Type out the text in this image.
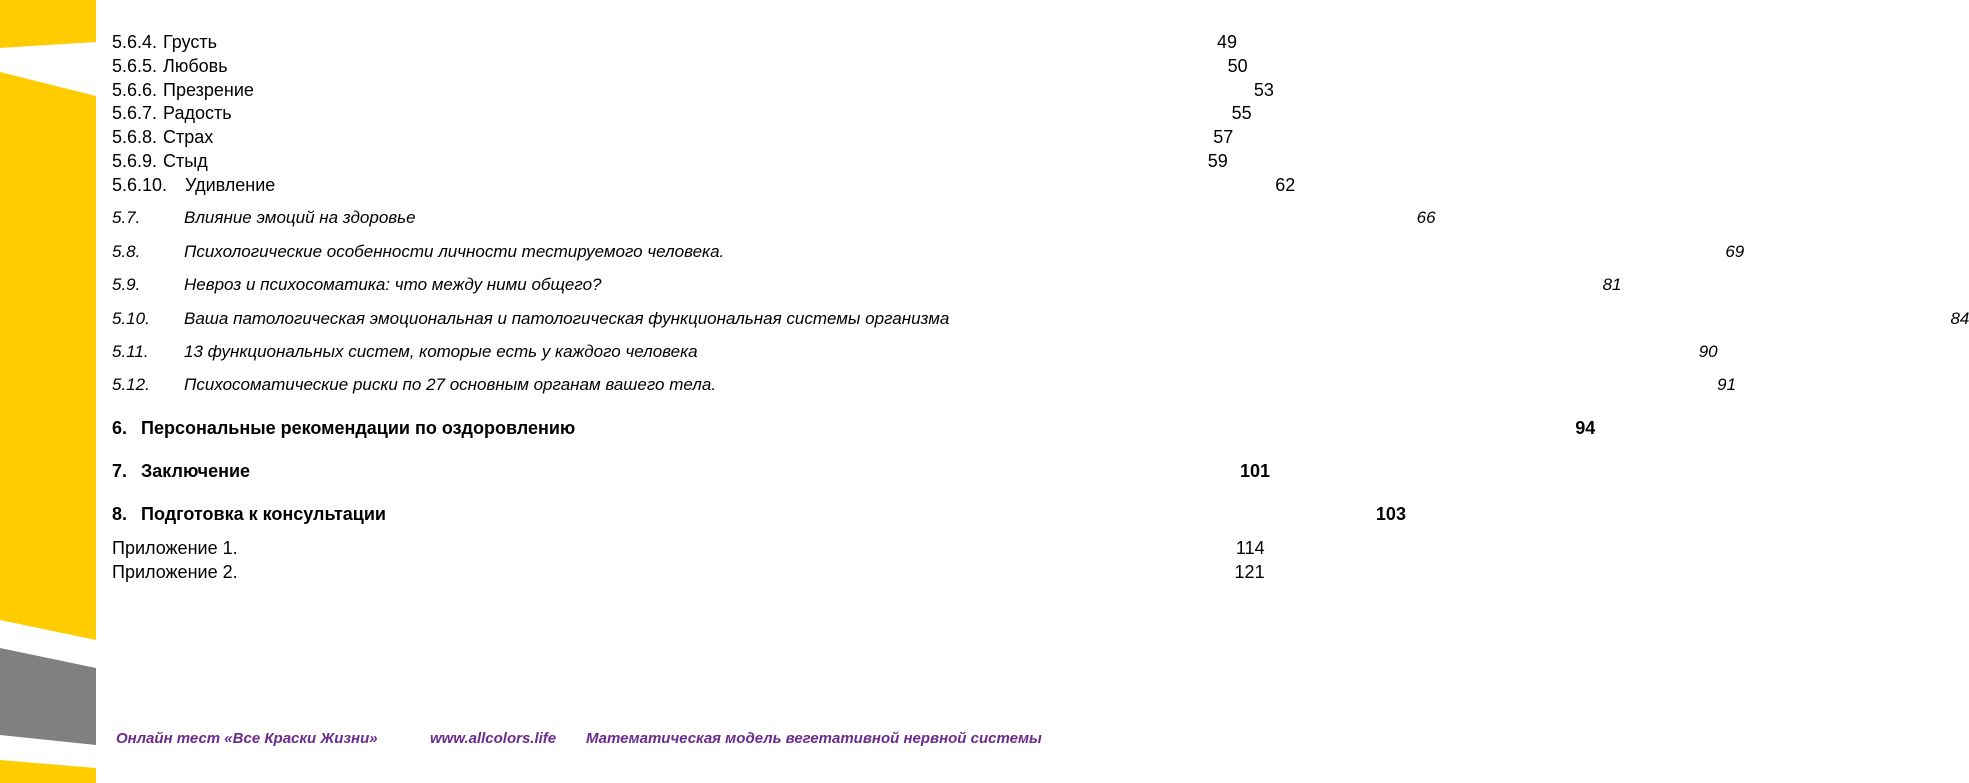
5.6.4. Грусть	49
5.6.5. Любовь	50
5.6.6. Презрение	53
5.6.7. Радость	55
5.6.8. Страх	57
5.6.9. Стыд	59
5.6.10. Удивление	62
5.7.	Влияние эмоций на здоровье	66
5.8.	Психологические особенности личности тестируемого человека.	69
5.9.	Невроз и психосоматика: что между ними общего?	81
5.10. Ваша патологическая эмоциональная и патологическая функциональная системы организма	84
5.11. 13 функциональных систем, которые есть у каждого человека	90
5.12. Психосоматические риски по 27 основным органам вашего тела.	91
6. Персональные рекомендации по оздоровлению	94
7. Заключение	101
8. Подготовка к консультации	103
Приложение 1.	114
Приложение 2.	121
Онлайн тест «Все Краски Жизни»	www.allcolors.life Математическая модель вегетативной нервной системы
